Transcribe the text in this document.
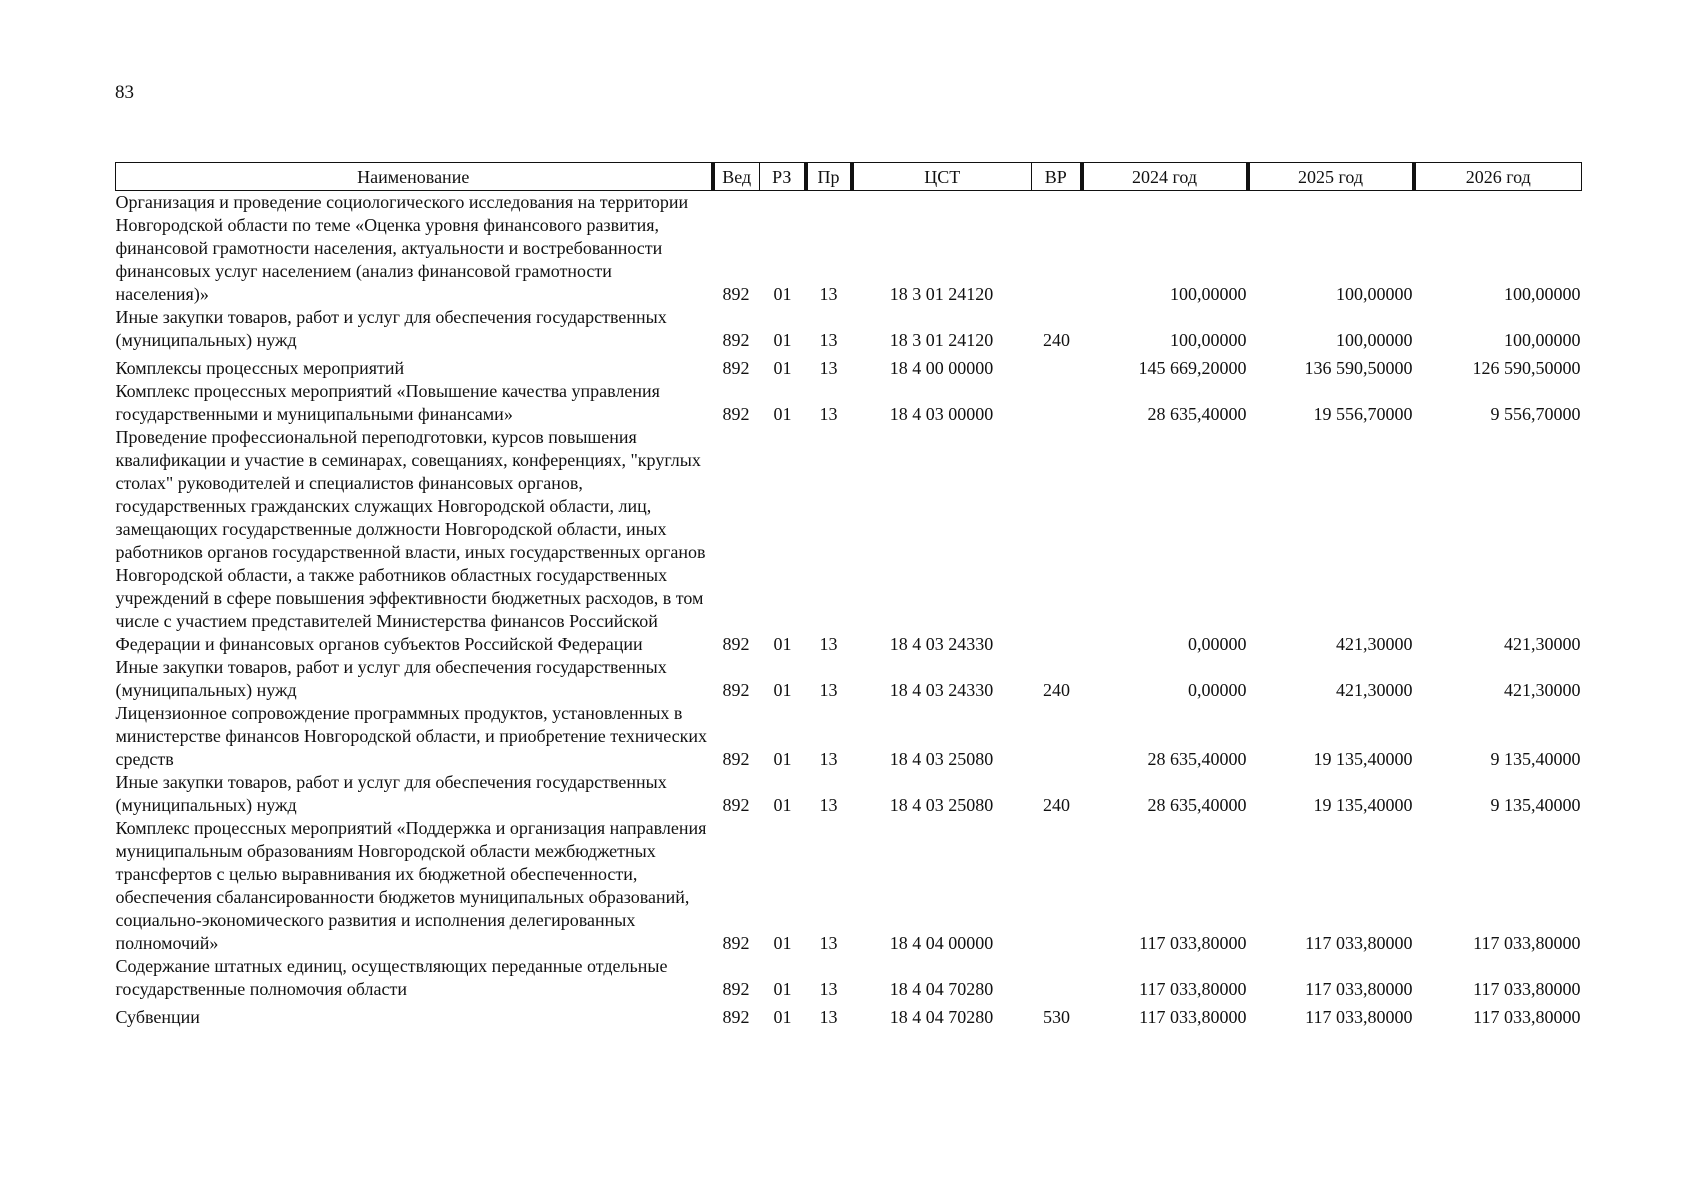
83
Наименование	Вед	РЗ	Пр	ЦСТ	ВР	2024 год	2025 год	2026 год
Организация и проведение социологического исследования на территории Новгородской области по теме «Оценка уровня финансового развития, финансовой грамотности населения, актуальности и востребованности финансовых услуг населением (анализ финансовой грамотности населения)»	892	01	13	18 3 01 24120		100,00000	100,00000	100,00000
Иные закупки товаров, работ и услуг для обеспечения государственных (муниципальных) нужд	892	01	13	18 3 01 24120	240	100,00000	100,00000	100,00000
Комплексы процессных мероприятий	892	01	13	18 4 00 00000		145 669,20000	136 590,50000	126 590,50000
Комплекс процессных мероприятий «Повышение качества управления государственными и муниципальными финансами»	892	01	13	18 4 03 00000		28 635,40000	19 556,70000	9 556,70000
Проведение профессиональной переподготовки, курсов повышения квалификации и участие в семинарах, совещаниях, конференциях, "круглых столах" руководителей и специалистов финансовых органов, государственных гражданских служащих Новгородской области, лиц, замещающих государственные должности Новгородской области, иных работников органов государственной власти, иных государственных органов Новгородской области, а также работников областных государственных учреждений в сфере повышения эффективности бюджетных расходов, в том числе с участием представителей Министерства финансов Российской Федерации и финансовых органов субъектов Российской Федерации	892	01	13	18 4 03 24330		0,00000	421,30000	421,30000
Иные закупки товаров, работ и услуг для обеспечения государственных (муниципальных) нужд	892	01	13	18 4 03 24330	240	0,00000	421,30000	421,30000
Лицензионное сопровождение программных продуктов, установленных в министерстве финансов Новгородской области, и приобретение технических средств	892	01	13	18 4 03 25080		28 635,40000	19 135,40000	9 135,40000
Иные закупки товаров, работ и услуг для обеспечения государственных (муниципальных) нужд	892	01	13	18 4 03 25080	240	28 635,40000	19 135,40000	9 135,40000
Комплекс процессных мероприятий «Поддержка и организация направления муниципальным образованиям Новгородской области межбюджетных трансфертов с целью выравнивания их бюджетной обеспеченности, обеспечения сбалансированности бюджетов муниципальных образований, социально-экономического развития и исполнения делегированных полномочий»	892	01	13	18 4 04 00000		117 033,80000	117 033,80000	117 033,80000
Содержание штатных единиц, осуществляющих переданные отдельные государственные полномочия области	892	01	13	18 4 04 70280		117 033,80000	117 033,80000	117 033,80000
Субвенции	892	01	13	18 4 04 70280	530	117 033,80000	117 033,80000	117 033,80000
